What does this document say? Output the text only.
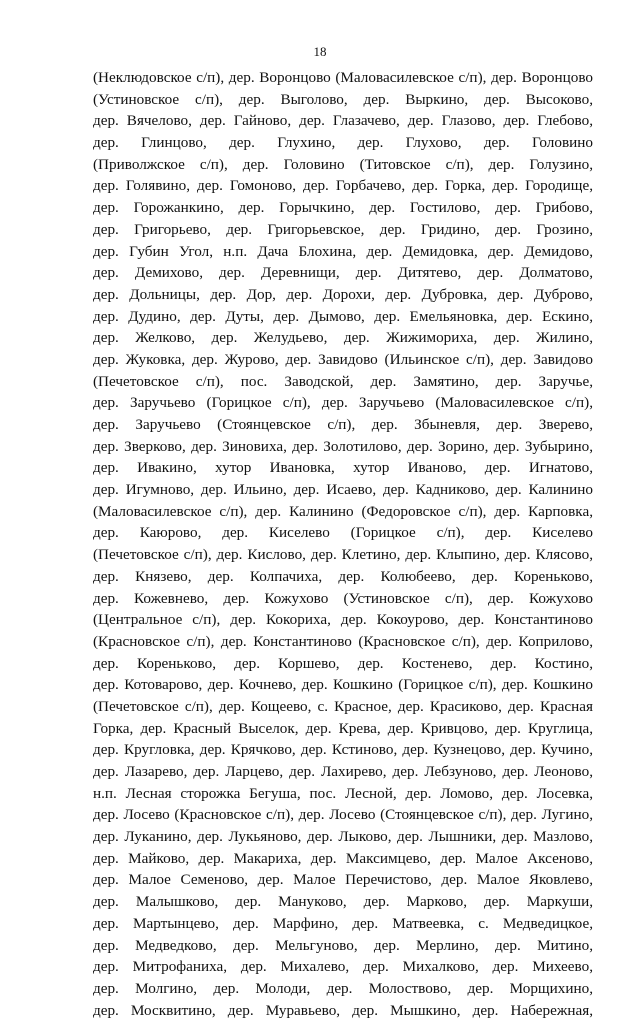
18
(Неклюдовское с/п), дер. Воронцово (Маловасилевское с/п), дер. Воронцово
(Устиновское с/п), дер. Выголово, дер. Выркино, дер. Высоково,
дер. Вячелово, дер. Гайново, дер. Глазачево, дер. Глазово, дер. Глебово,
дер. Глинцово, дер. Глухино, дер. Глухово, дер. Головино
(Приволжское с/п), дер. Головино (Титовское с/п), дер. Голузино,
дер. Голявино, дер. Гомоново, дер. Горбачево, дер. Горка, дер. Городище,
дер. Горожанкино, дер. Горычкино, дер. Гостилово, дер. Грибово,
дер. Григорьево, дер. Григорьевское, дер. Гридино, дер. Грозино,
дер. Губин Угол, н.п. Дача Блохина, дер. Демидовка, дер. Демидово,
дер. Демихово, дер. Деревнищи, дер. Дитятево, дер. Долматово,
дер. Дольницы, дер. Дор, дер. Дорохи, дер. Дубровка, дер. Дуброво,
дер. Дудино, дер. Дуты, дер. Дымово, дер. Емельяновка, дер. Ескино,
дер. Желково, дер. Желудьево, дер. Жижимориха, дер. Жилино,
дер. Жуковка, дер. Журово, дер. Завидово (Ильинское с/п), дер. Завидово
(Печетовское с/п), пос. Заводской, дер. Замятино, дер. Заручье,
дер. Заручьево (Горицкое с/п), дер. Заручьево (Маловасилевское с/п),
дер. Заручьево (Стоянцевское с/п), дер. Збыневля, дер. Зверево,
дер. Зверково, дер. Зиновиха, дер. Золотилово, дер. Зорино, дер. Зубырино,
дер. Ивакино, хутор Ивановка, хутор Иваново, дер. Игнатово,
дер. Игумново, дер. Ильино, дер. Исаево, дер. Кадниково, дер. Калинино
(Маловасилевское с/п), дер. Калинино (Федоровское с/п), дер. Карповка,
дер. Каюрово, дер. Киселево (Горицкое с/п), дер. Киселево
(Печетовское с/п), дер. Кислово, дер. Клетино, дер. Клыпино, дер. Клясово,
дер. Князево, дер. Колпачиха, дер. Колюбеево, дер. Кореньково,
дер. Кожевнево, дер. Кожухово (Устиновское с/п), дер. Кожухово
(Центральное с/п), дер. Кокориха, дер. Кокоурово, дер. Константиново
(Красновское с/п), дер. Константиново (Красновское с/п), дер. Коприлово,
дер. Кореньково, дер. Коршево, дер. Костенево, дер. Костино,
дер. Котоварово, дер. Кочнево, дер. Кошкино (Горицкое с/п), дер. Кошкино
(Печетовское с/п), дер. Кощеево, с. Красное, дер. Красиково, дер. Красная
Горка, дер. Красный Выселок, дер. Крева, дер. Кривцово, дер. Круглица,
дер. Кругловка, дер. Крячково, дер. Кстиново, дер. Кузнецово, дер. Кучино,
дер. Лазарево, дер. Ларцево, дер. Лахирево, дер. Лебзуново, дер. Леоново,
н.п. Лесная сторожка Бегуша, пос. Лесной, дер. Ломово, дер. Лосевка,
дер. Лосево (Красновское с/п), дер. Лосево (Стоянцевское с/п), дер. Лугино,
дер. Луканино, дер. Лукьяново, дер. Лыково, дер. Лышники, дер. Мазлово,
дер. Майково, дер. Макариха, дер. Максимцево, дер. Малое Аксеново,
дер. Малое Семеново, дер. Малое Перечистово, дер. Малое Яковлево,
дер. Малышково, дер. Мануково, дер. Марково, дер. Маркуши,
дер. Мартынцево, дер. Марфино, дер. Матвеевка, с. Медведицкое,
дер. Медведково, дер. Мельгуново, дер. Мерлино, дер. Митино,
дер. Митрофаниха, дер. Михалево, дер. Михалково, дер. Михеево,
дер. Молгино, дер. Молоди, дер. Молоствово, дер. Морщихино,
дер. Москвитино, дер. Муравьево, дер. Мышкино, дер. Набережная,
